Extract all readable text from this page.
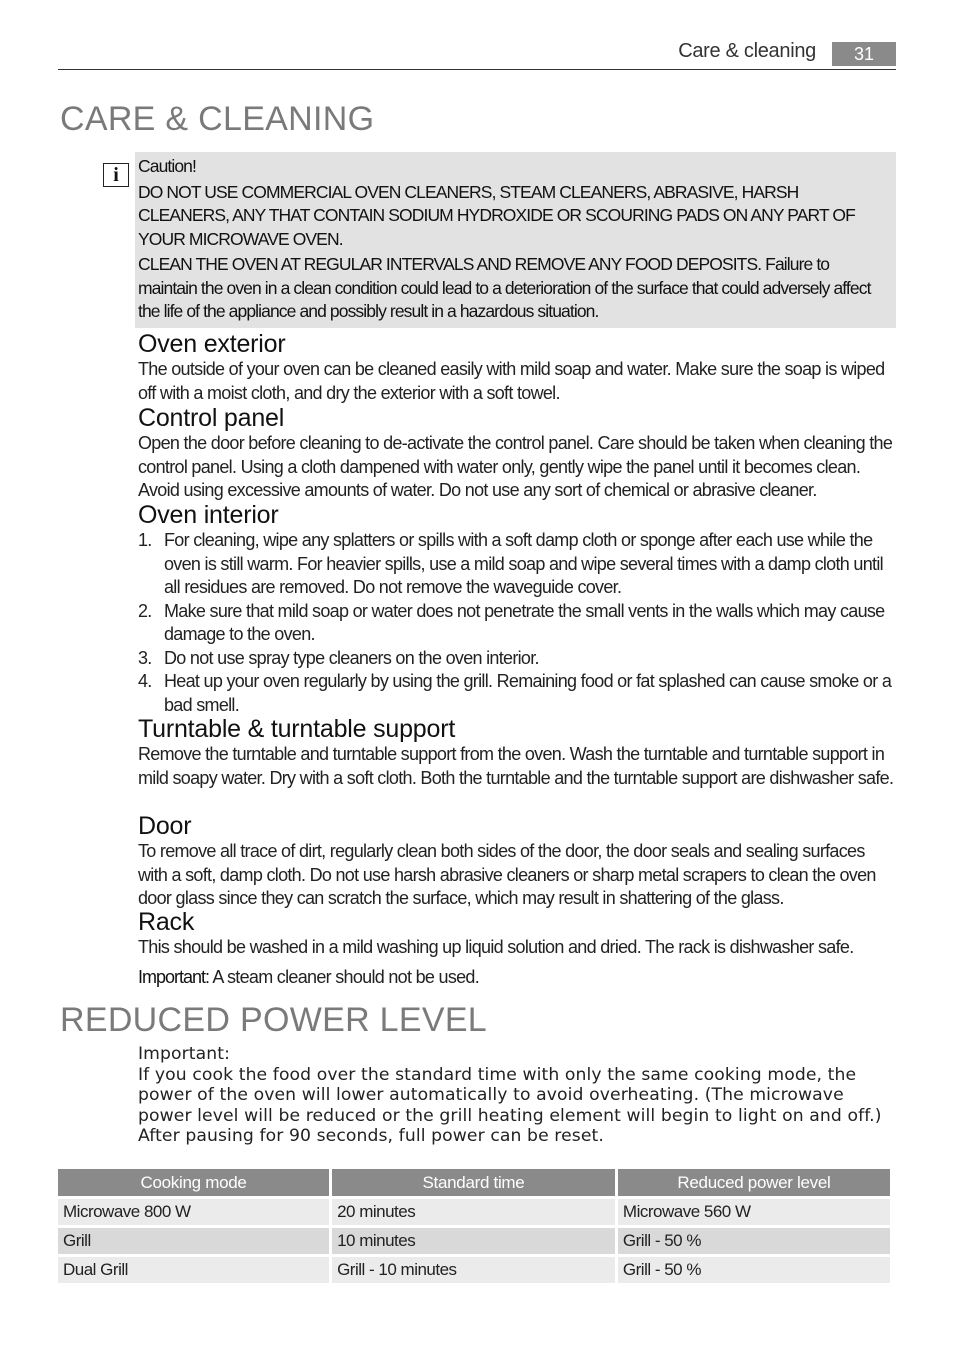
Care & cleaning	31
CARE & CLEANING
i	Caution!

DO NOT USE COMMERCIAL OVEN CLEANERS, STEAM CLEANERS, ABRASIVE, HARSH CLEANERS, ANY THAT CONTAIN SODIUM HYDROXIDE OR SCOURING PADS ON ANY PART OF YOUR MICROWAVE OVEN.

CLEAN THE OVEN AT REGULAR INTERVALS AND REMOVE ANY FOOD DEPOSITS. Failure to maintain the oven in a clean condition could lead to a deterioration of the surface that could adversely affect the life of the appliance and possibly result in a hazardous situation.

Oven exterior

The outside of your oven can be cleaned easily with mild soap and water. Make sure the soap is wiped off with a moist cloth, and dry the exterior with a soft towel.

Control panel

Open the door before cleaning to de-activate the control panel. Care should be taken when cleaning the control panel. Using a cloth dampened with water only, gently wipe the panel until it becomes clean. Avoid using excessive amounts of water. Do not use any sort of chemical or abrasive cleaner.

Oven interior
1. For cleaning, wipe any splatters or spills with a soft damp cloth or sponge after each use while the oven is still warm. For heavier spills, use a mild soap and wipe several times with a damp cloth until all residues are removed. Do not remove the waveguide cover.
2. Make sure that mild soap or water does not penetrate the small vents in the walls which may cause damage to the oven.
3. Do not use spray type cleaners on the oven interior.
4. Heat up your oven regularly by using the grill. Remaining food or fat splashed can cause smoke or a bad smell.
Turntable & turntable support

Remove the turntable and turntable support from the oven. Wash the turntable and turntable support in mild soapy water. Dry with a soft cloth. Both the turntable and the turntable support are dishwasher safe.

Door

To remove all trace of dirt, regularly clean both sides of the door, the door seals and sealing surfaces with a soft, damp cloth. Do not use harsh abrasive cleaners or sharp metal scrapers to clean the oven door glass since they can scratch the surface, which may result in shattering of the glass.

Rack

This should be washed in a mild washing up liquid solution and dried. The rack is dishwasher safe.

Important: A steam cleaner should not be used.

REDUCED POWER LEVEL
Important:
If you cook the food over the standard time with only the same cooking mode, the power of the oven will lower automatically to avoid overheating. (The microwave power level will be reduced or the grill heating element will begin to light on and off.) After pausing for 90 seconds, full power can be reset.
Cooking mode	Standard time	Reduced power level
Microwave 800 W	20 minutes	Microwave 560 W
Grill	10 minutes	Grill - 50 %
Dual Grill	Grill - 10 minutes	Grill - 50 %
